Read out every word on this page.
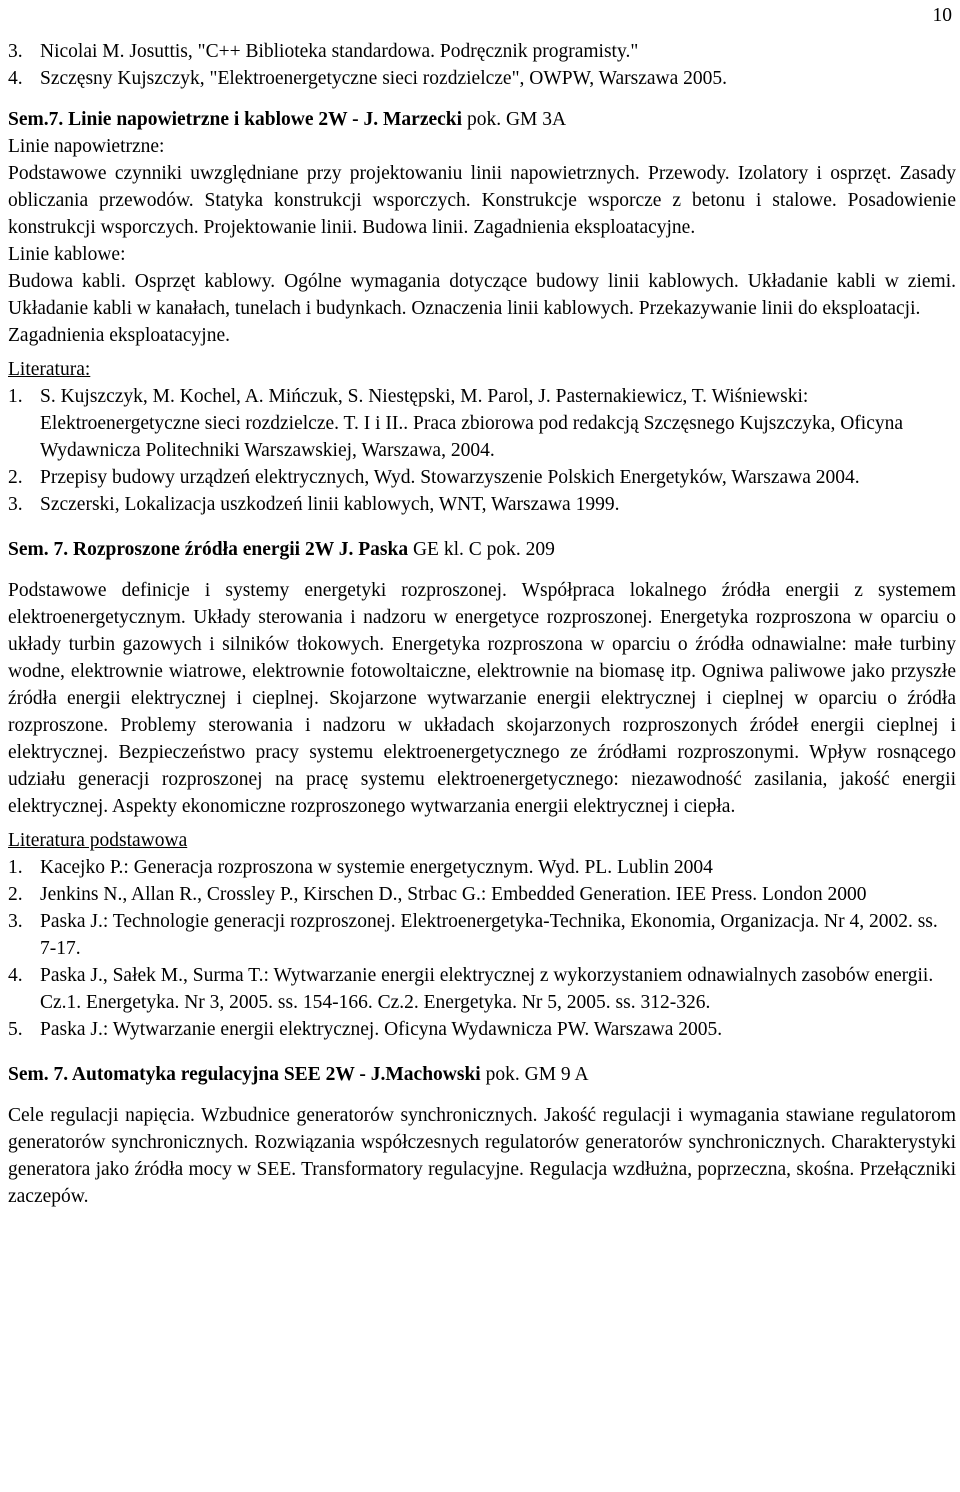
10
3. Nicolai M. Josuttis, "C++ Biblioteka standardowa. Podręcznik programisty."
4. Szczęsny Kujszczyk, "Elektroenergetyczne sieci rozdzielcze", OWPW, Warszawa 2005.

Sem.7. Linie napowietrzne i kablowe 2W - J. Marzecki pok. GM 3A

Linie napowietrzne:

Podstawowe czynniki uwzględniane przy projektowaniu linii napowietrznych. Przewody. Izolatory i osprzęt. Zasady obliczania przewodów. Statyka konstrukcji wsporczych. Konstrukcje wsporcze z betonu i stalowe. Posadowienie konstrukcji wsporczych. Projektowanie linii. Budowa linii. Zagadnienia eksploatacyjne.

Linie kablowe:

Budowa kabli. Osprzęt kablowy. Ogólne wymagania dotyczące budowy linii kablowych. Układanie kabli w ziemi. Układanie kabli w kanałach, tunelach i budynkach. Oznaczenia linii kablowych. Przekazywanie linii do eksploatacji.

Zagadnienia eksploatacyjne.

Literatura:

1. S. Kujszczyk, M. Kochel, A. Mińczuk, S. Niestępski, M. Parol, J. Pasternakiewicz, T. Wiśniewski: Elektroenergetyczne sieci rozdzielcze. T. I i II.. Praca zbiorowa pod redakcją Szczęsnego Kujszczyka, Oficyna Wydawnicza Politechniki Warszawskiej, Warszawa, 2004.
2. Przepisy budowy urządzeń elektrycznych, Wyd. Stowarzyszenie Polskich Energetyków, Warszawa 2004.
3. Szczerski, Lokalizacja uszkodzeń linii kablowych, WNT, Warszawa 1999.

Sem. 7. Rozproszone źródła energii 2W J. Paska GE kl. C pok. 209

Podstawowe definicje i systemy energetyki rozproszonej. Współpraca lokalnego źródła energii z systemem elektroenergetycznym. Układy sterowania i nadzoru w energetyce rozproszonej. Energetyka rozproszona w oparciu o układy turbin gazowych i silników tłokowych. Energetyka rozproszona w oparciu o źródła odnawialne: małe turbiny wodne, elektrownie wiatrowe, elektrownie fotowoltaiczne, elektrownie na biomasę itp. Ogniwa paliwowe jako przyszłe źródła energii elektrycznej i cieplnej. Skojarzone wytwarzanie energii elektrycznej i cieplnej w oparciu o źródła rozproszone. Problemy sterowania i nadzoru w układach skojarzonych rozproszonych źródeł energii cieplnej i elektrycznej. Bezpieczeństwo pracy systemu elektroenergetycznego ze źródłami rozproszonymi. Wpływ rosnącego udziału generacji rozproszonej na pracę systemu elektroenergetycznego: niezawodność zasilania, jakość energii elektrycznej. Aspekty ekonomiczne rozproszonego wytwarzania energii elektrycznej i ciepła.

Literatura podstawowa

1. Kacejko P.: Generacja rozproszona w systemie energetycznym. Wyd. PL. Lublin 2004
2. Jenkins N., Allan R., Crossley P., Kirschen D., Strbac G.: Embedded Generation. IEE Press. London 2000
3. Paska J.: Technologie generacji rozproszonej. Elektroenergetyka-Technika, Ekonomia, Organizacja. Nr 4, 2002. ss. 7-17.
4. Paska J., Sałek M., Surma T.: Wytwarzanie energii elektrycznej z wykorzystaniem odnawialnych zasobów energii. Cz.1. Energetyka. Nr 3, 2005. ss. 154-166. Cz.2. Energetyka. Nr 5, 2005. ss. 312-326.
5. Paska J.: Wytwarzanie energii elektrycznej. Oficyna Wydawnicza PW. Warszawa 2005.

Sem. 7. Automatyka regulacyjna SEE 2W - J.Machowski pok. GM 9 A

Cele regulacji napięcia. Wzbudnice generatorów synchronicznych. Jakość regulacji i wymagania stawiane regulatorom generatorów synchronicznych. Rozwiązania współczesnych regulatorów generatorów synchronicznych. Charakterystyki generatora jako źródła mocy w SEE. Transformatory regulacyjne. Regulacja wzdłużna, poprzeczna, skośna. Przełączniki zaczepów.
